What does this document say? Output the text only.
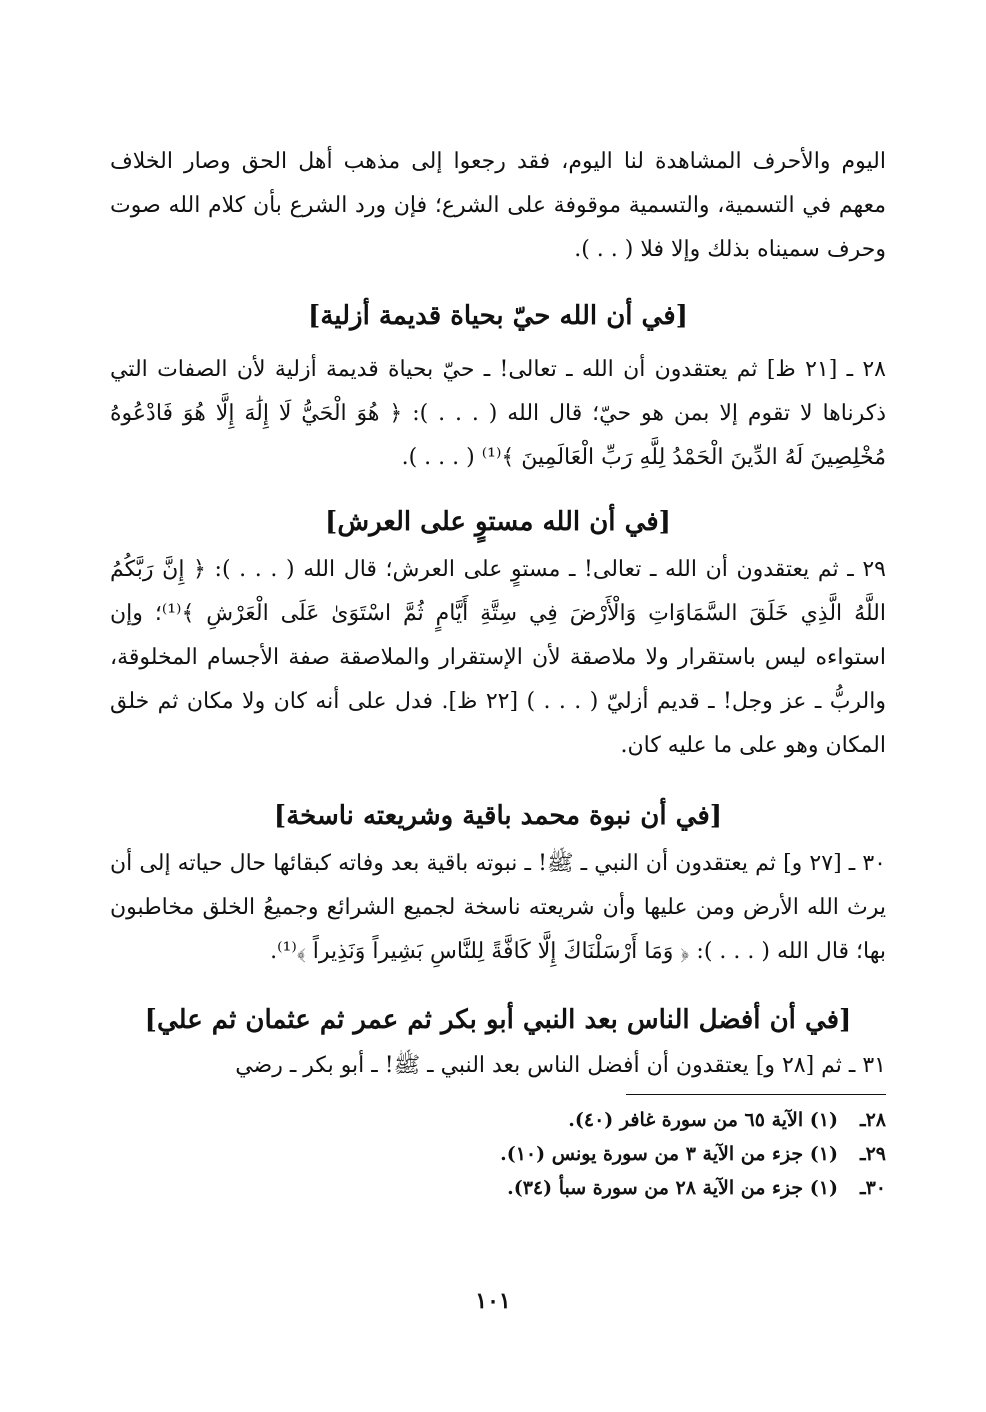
اليوم والأحرف المشاهدة لنا اليوم، فقد رجعوا إلى مذهب أهل الحق وصار الخلاف معهم في التسمية، والتسمية موقوفة على الشرع؛ فإن ورد الشرع بأن كلام الله صوت وحرف سميناه بذلك وإلا فلا ( . . ).

[في أن الله حيّ بحياة قديمة أزلية]

٢٨ ـ [٢١ ظ] ثم يعتقدون أن الله ـ تعالى! ـ حيّ بحياة قديمة أزلية لأن الصفات التي ذكرناها لا تقوم إلا بمن هو حيّ؛ قال الله ( . . . ): ﴿ هُوَ الْحَيُّ لَا إِلَٰهَ إِلَّا هُوَ فَادْعُوهُ مُخْلِصِينَ لَهُ الدِّينَ الْحَمْدُ لِلَّهِ رَبِّ الْعَالَمِينَ ﴾⁽¹⁾ ( . . . ).

[في أن الله مستوٍ على العرش]

٢٩ ـ ثم يعتقدون أن الله ـ تعالى! ـ مستوٍ على العرش؛ قال الله ( . . . ): ﴿ إِنَّ رَبَّكُمُ اللَّهُ الَّذِي خَلَقَ السَّمَاوَاتِ وَالْأَرْضَ فِي سِتَّةِ أَيَّامٍ ثُمَّ اسْتَوَىٰ عَلَى الْعَرْشِ ﴾⁽¹⁾؛ وإن استواءه ليس باستقرار ولا ملاصقة لأن الإستقرار والملاصقة صفة الأجسام المخلوقة، والربُّ ـ عز وجل! ـ قديم أزليّ ( . . . ) [٢٢ ظ]. فدل على أنه كان ولا مكان ثم خلق المكان وهو على ما عليه كان.

[في أن نبوة محمد باقية وشريعته ناسخة]

٣٠ ـ [٢٧ و] ثم يعتقدون أن النبي ـ ﷺ! ـ نبوته باقية بعد وفاته كبقائها حال حياته إلى أن يرث الله الأرض ومن عليها وأن شريعته ناسخة لجميع الشرائع وجميعُ الخلق مخاطبون بها؛ قال الله ( . . . ): ﴿ وَمَا أَرْسَلْنَاكَ إِلَّا كَافَّةً لِلنَّاسِ بَشِيراً وَنَذِيراً ﴾⁽¹⁾.

[في أن أفضل الناس بعد النبي أبو بكر ثم عمر ثم عثمان ثم علي]

٣١ ـ ثم [٢٨ و] يعتقدون أن أفضل الناس بعد النبي ـ ﷺ! ـ أبو بكر ـ رضي

٢٨ـ(١) الآية ٦٥ من سورة غافر (٤٠).

٢٩ـ(١) جزء من الآية ٣ من سورة يونس (١٠).

٣٠ـ(١) جزء من الآية ٢٨ من سورة سبأ (٣٤).

١٠١
